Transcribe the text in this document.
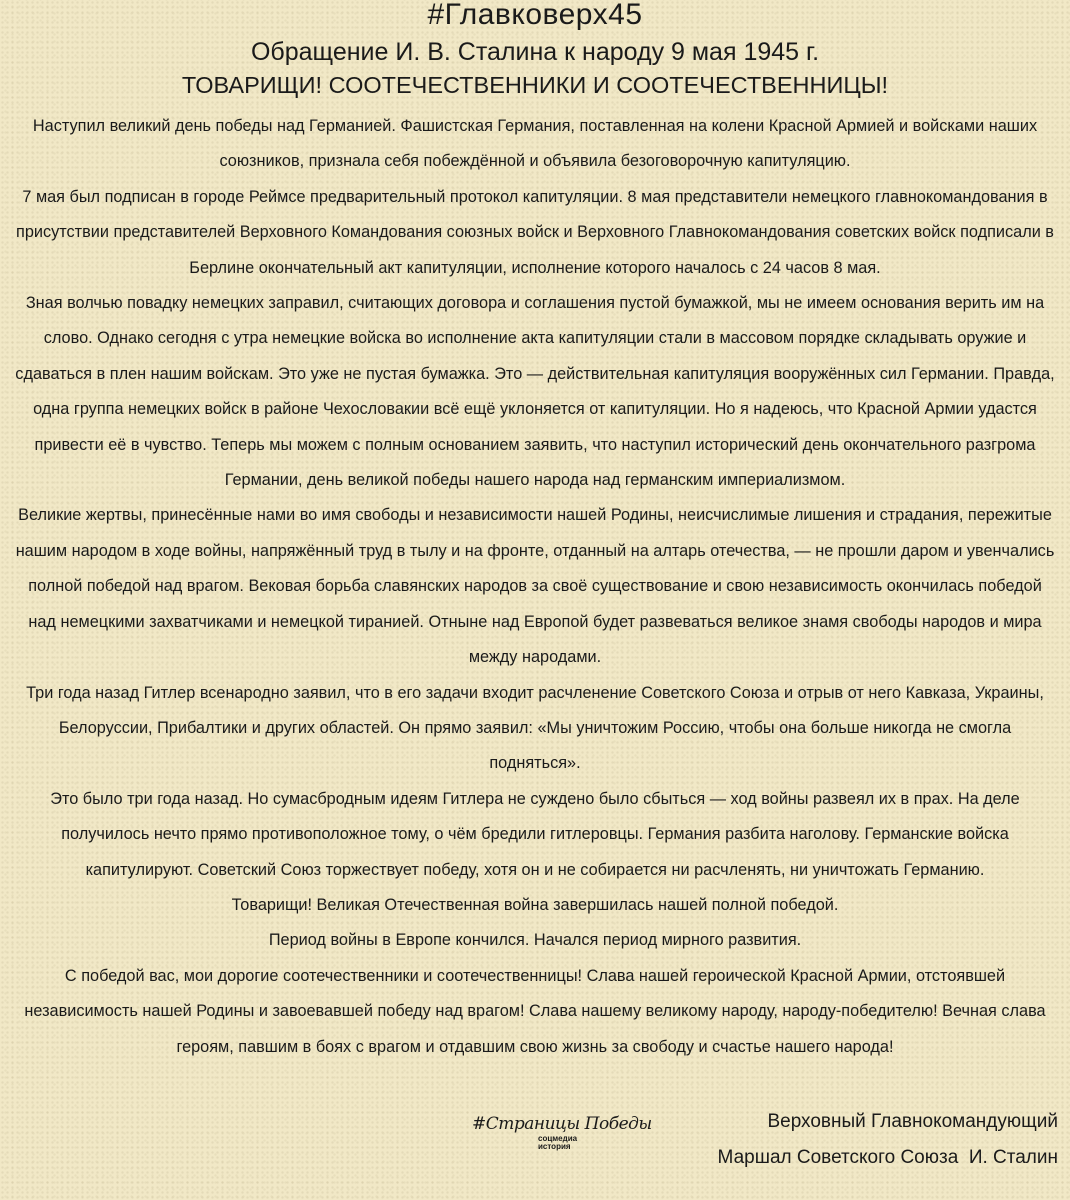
#Главковерх45
Обращение И. В. Сталина к народу 9 мая 1945 г.
ТОВАРИЩИ! СООТЕЧЕСТВЕННИКИ И СООТЕЧЕСТВЕННИЦЫ!

Наступил великий день победы над Германией. Фашистская Германия, поставленная на колени Красной Армией и войсками наших союзников, признала себя побеждённой и объявила безоговорочную капитуляцию.

7 мая был подписан в городе Реймсе предварительный протокол капитуляции. 8 мая представители немецкого главнокомандования в присутствии представителей Верховного Командования союзных войск и Верховного Главнокомандования советских войск подписали в Берлине окончательный акт капитуляции, исполнение которого началось с 24 часов 8 мая.

Зная волчью повадку немецких заправил, считающих договора и соглашения пустой бумажкой, мы не имеем основания верить им на слово. Однако сегодня с утра немецкие войска во исполнение акта капитуляции стали в массовом порядке складывать оружие и сдаваться в плен нашим войскам. Это уже не пустая бумажка. Это — действительная капитуляция вооружённых сил Германии. Правда, одна группа немецких войск в районе Чехословакии всё ещё уклоняется от капитуляции. Но я надеюсь, что Красной Армии удастся привести её в чувство. Теперь мы можем с полным основанием заявить, что наступил исторический день окончательного разгрома Германии, день великой победы нашего народа над германским империализмом.

Великие жертвы, принесённые нами во имя свободы и независимости нашей Родины, неисчислимые лишения и страдания, пережитые нашим народом в ходе войны, напряжённый труд в тылу и на фронте, отданный на алтарь отечества, — не прошли даром и увенчались полной победой над врагом. Вековая борьба славянских народов за своё существование и свою независимость окончилась победой над немецкими захватчиками и немецкой тиранией. Отныне над Европой будет развеваться великое знамя свободы народов и мира между народами.

Три года назад Гитлер всенародно заявил, что в его задачи входит расчленение Советского Союза и отрыв от него Кавказа, Украины, Белоруссии, Прибалтики и других областей. Он прямо заявил: «Мы уничтожим Россию, чтобы она больше никогда не смогла подняться».

Это было три года назад. Но сумасбродным идеям Гитлера не суждено было сбыться — ход войны развеял их в прах. На деле получилось нечто прямо противоположное тому, о чём бредили гитлеровцы. Германия разбита наголову. Германские войска капитулируют. Советский Союз торжествует победу, хотя он и не собирается ни расчленять, ни уничтожать Германию.

Товарищи! Великая Отечественная война завершилась нашей полной победой.

Период войны в Европе кончился. Начался период мирного развития.

С победой вас, мои дорогие соотечественники и соотечественницы! Слава нашей героической Красной Армии, отстоявшей независимость нашей Родины и завоевавшей победу над врагом! Слава нашему великому народу, народу-победителю! Вечная слава героям, павшим в боях с врагом и отдавшим свою жизнь за свободу и счастье нашего народа!

#Страницы Победы
соцмедиа
история
Верховный Главнокомандующий
Маршал Советского Союза  И. Сталин
